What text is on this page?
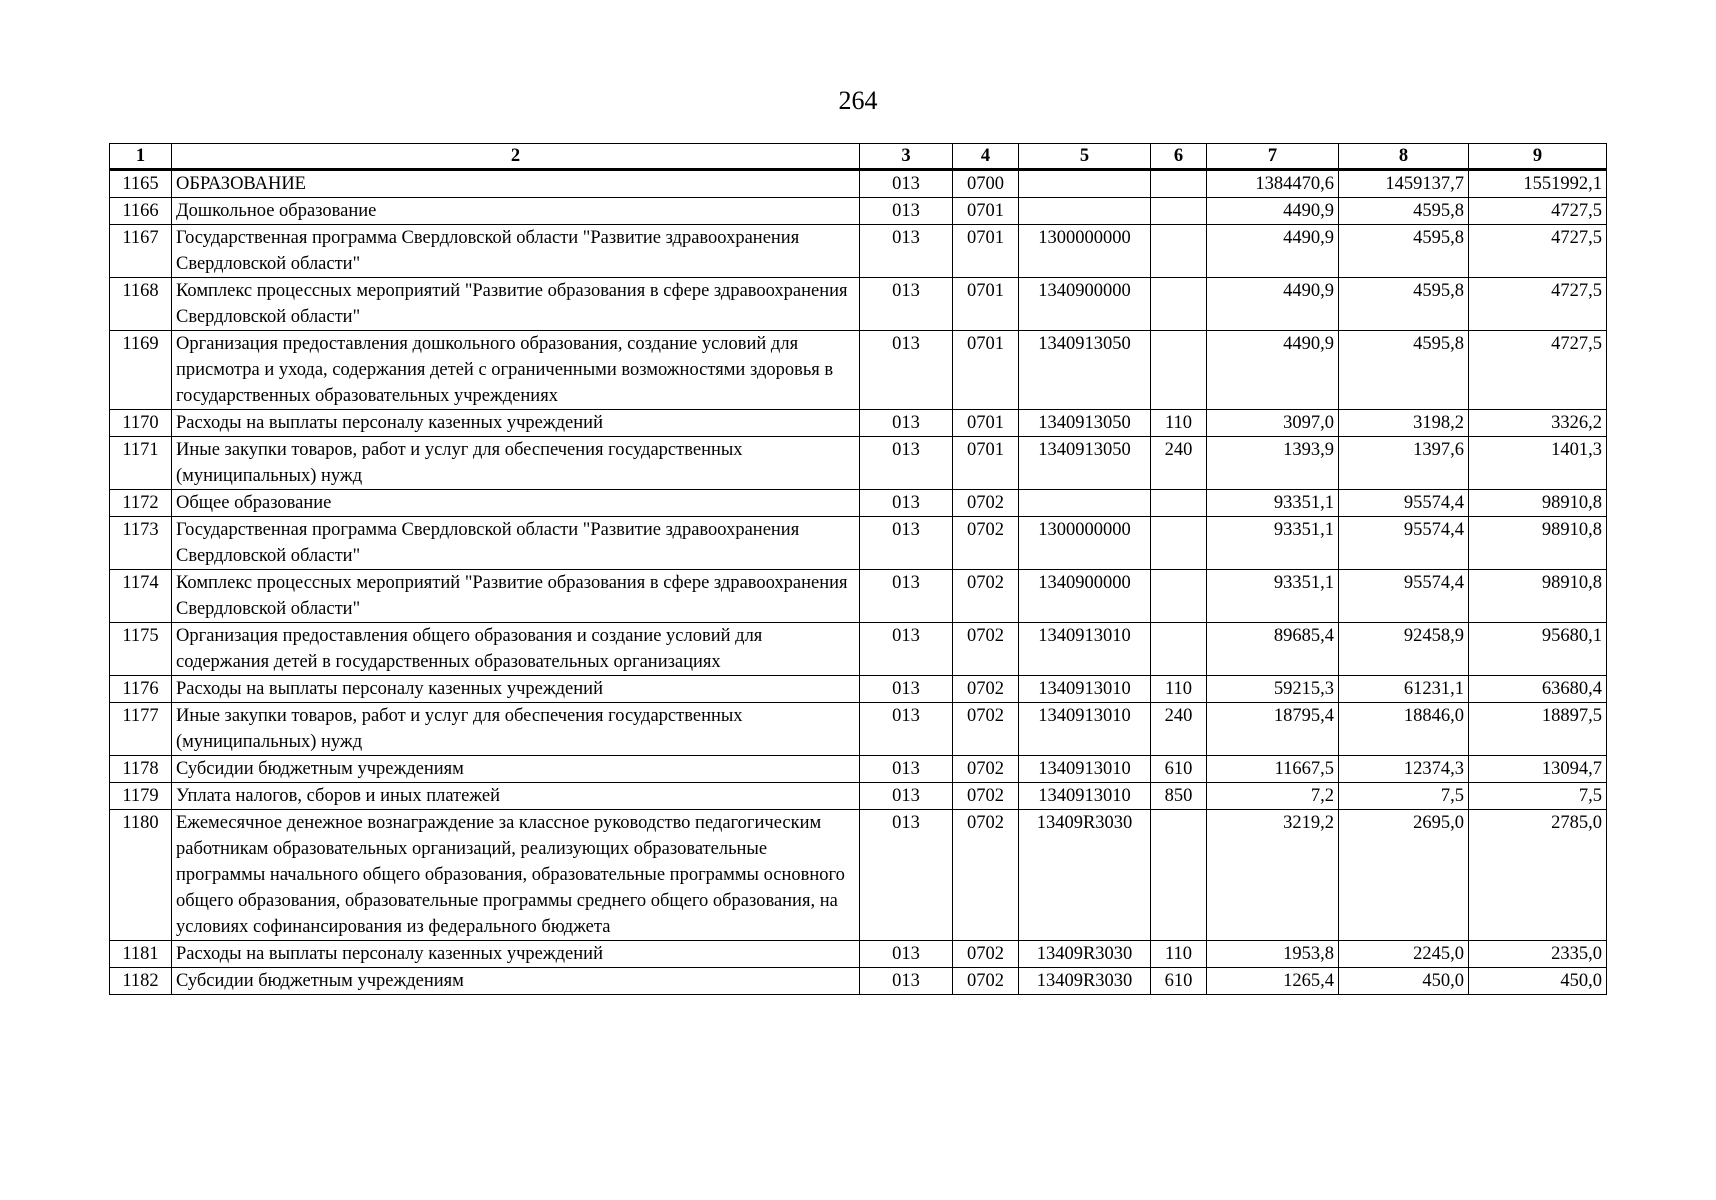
264
1	2	3	4	5	6	7	8	9
1165	ОБРАЗОВАНИЕ	013	0700			1384470,6	1459137,7	1551992,1
1166	Дошкольное образование	013	0701			4490,9	4595,8	4727,5
1167	Государственная программа Свердловской области "Развитие здравоохранения Свердловской области"	013	0701	1300000000		4490,9	4595,8	4727,5
1168	Комплекс процессных мероприятий "Развитие образования в сфере здравоохранения Свердловской области"	013	0701	1340900000		4490,9	4595,8	4727,5
1169	Организация предоставления дошкольного образования, создание условий для присмотра и ухода, содержания детей с ограниченными возможностями здоровья в государственных образовательных учреждениях	013	0701	1340913050		4490,9	4595,8	4727,5
1170	Расходы на выплаты персоналу казенных учреждений	013	0701	1340913050	110	3097,0	3198,2	3326,2
1171	Иные закупки товаров, работ и услуг для обеспечения государственных (муниципальных) нужд	013	0701	1340913050	240	1393,9	1397,6	1401,3
1172	Общее образование	013	0702			93351,1	95574,4	98910,8
1173	Государственная программа Свердловской области "Развитие здравоохранения Свердловской области"	013	0702	1300000000		93351,1	95574,4	98910,8
1174	Комплекс процессных мероприятий "Развитие образования в сфере здравоохранения Свердловской области"	013	0702	1340900000		93351,1	95574,4	98910,8
1175	Организация предоставления общего образования и создание условий для содержания детей в государственных образовательных организациях	013	0702	1340913010		89685,4	92458,9	95680,1
1176	Расходы на выплаты персоналу казенных учреждений	013	0702	1340913010	110	59215,3	61231,1	63680,4
1177	Иные закупки товаров, работ и услуг для обеспечения государственных (муниципальных) нужд	013	0702	1340913010	240	18795,4	18846,0	18897,5
1178	Субсидии бюджетным учреждениям	013	0702	1340913010	610	11667,5	12374,3	13094,7
1179	Уплата налогов, сборов и иных платежей	013	0702	1340913010	850	7,2	7,5	7,5
1180	Ежемесячное денежное вознаграждение за классное руководство педагогическим работникам образовательных организаций, реализующих образовательные программы начального общего образования, образовательные программы основного общего образования, образовательные программы среднего общего образования, на условиях софинансирования из федерального бюджета	013	0702	13409R3030		3219,2	2695,0	2785,0
1181	Расходы на выплаты персоналу казенных учреждений	013	0702	13409R3030	110	1953,8	2245,0	2335,0
1182	Субсидии бюджетным учреждениям	013	0702	13409R3030	610	1265,4	450,0	450,0
